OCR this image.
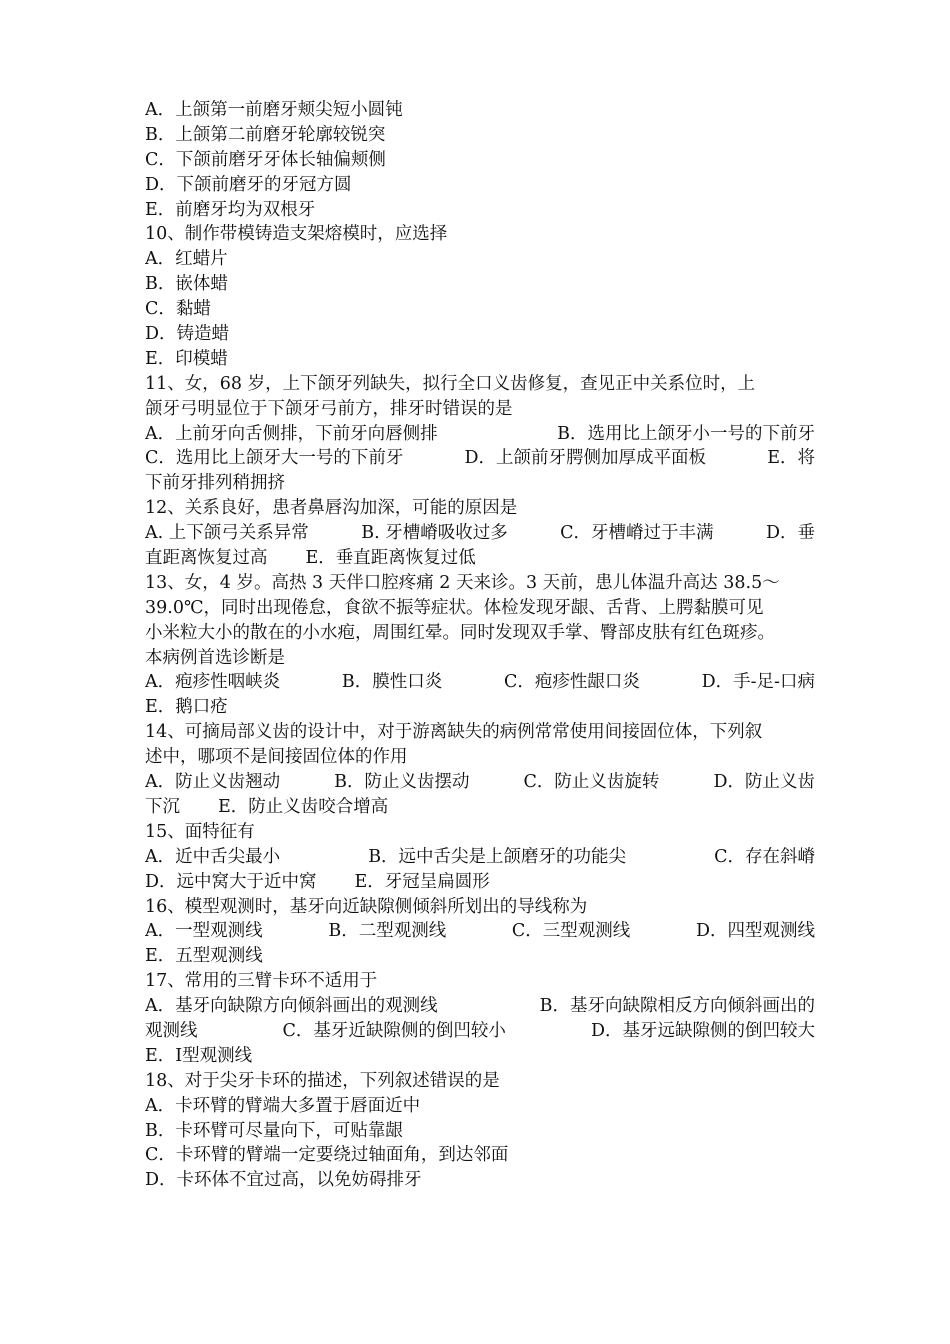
A．上颌第一前磨牙颊尖短小圆钝
B．上颌第二前磨牙轮廓较锐突
C．下颌前磨牙牙体长轴偏颊侧
D．下颌前磨牙的牙冠方圆
E．前磨牙均为双根牙
10、制作带模铸造支架熔模时，应选择
A．红蜡片
B．嵌体蜡
C．黏蜡
D．铸造蜡
E．印模蜡
11、女，68 岁，上下颌牙列缺失，拟行全口义齿修复，查见正中关系位时，上
颌牙弓明显位于下颌牙弓前方，排牙时错误的是
A．上前牙向舌侧排，下前牙向唇侧排	B．选用比上颌牙小一号的下前牙
C．选用比上颌牙大一号的下前牙	D．上颌前牙腭侧加厚成平面板	E．将
下前牙排列稍拥挤
12、关系良好，患者鼻唇沟加深，可能的原因是
A. 上下颌弓关系异常	B. 牙槽嵴吸收过多	C．牙槽嵴过于丰满	D．垂
直距离恢复过高 E．垂直距离恢复过低
13、女，4 岁。高热 3 天伴口腔疼痛 2 天来诊。3 天前，患儿体温升高达 38.5～
39.0℃，同时出现倦怠，食欲不振等症状。体检发现牙龈、舌背、上腭黏膜可见
小米粒大小的散在的小水疱，周围红晕。同时发现双手掌、臀部皮肤有红色斑疹。
本病例首选诊断是
A．疱疹性咽峡炎	B．膜性口炎	C．疱疹性龈口炎	D．手-足-口病
E．鹅口疮
14、可摘局部义齿的设计中，对于游离缺失的病例常常使用间接固位体，下列叙
述中，哪项不是间接固位体的作用
A．防止义齿翘动	B．防止义齿摆动	C．防止义齿旋转	D．防止义齿
下沉 E．防止义齿咬合增高
15、面特征有
A．近中舌尖最小	B．远中舌尖是上颌磨牙的功能尖	C．存在斜嵴
D．远中窝大于近中窝 E．牙冠呈扁圆形
16、模型观测时，基牙向近缺隙侧倾斜所划出的导线称为
A．一型观测线	B．二型观测线	C．三型观测线	D．四型观测线
E．五型观测线
17、常用的三臂卡环不适用于
A．基牙向缺隙方向倾斜画出的观测线	B．基牙向缺隙相反方向倾斜画出的
观测线	C．基牙近缺隙侧的倒凹较小	D．基牙远缺隙侧的倒凹较大
E．Ⅰ型观测线
18、对于尖牙卡环的描述，下列叙述错误的是
A．卡环臂的臂端大多置于唇面近中
B．卡环臂可尽量向下，可贴靠龈
C．卡环臂的臂端一定要绕过轴面角，到达邻面
D．卡环体不宜过高，以免妨碍排牙
